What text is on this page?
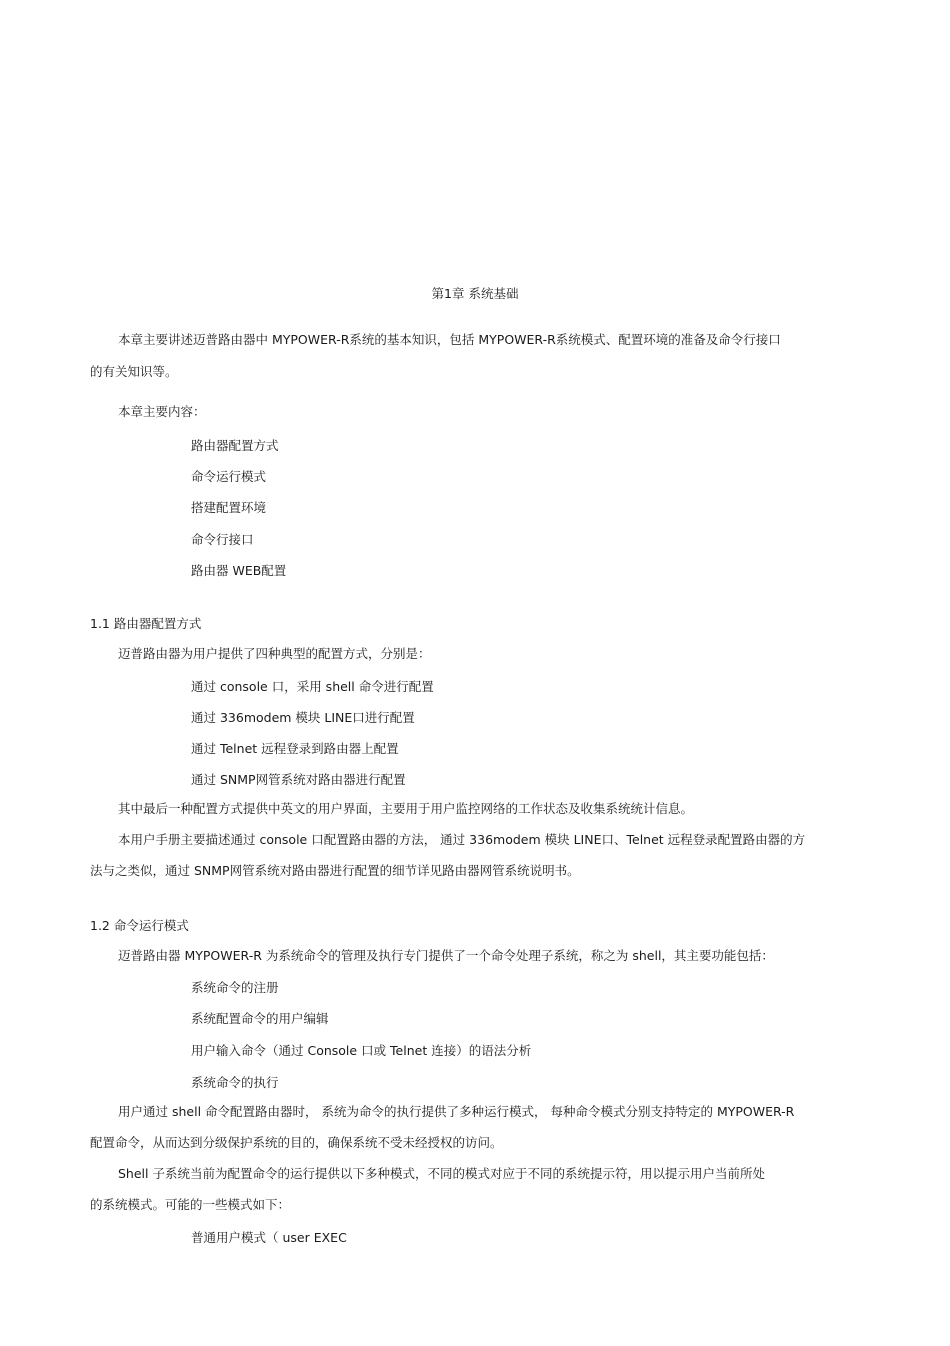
第1章 系统基础
本章主要讲述迈普路由器中 MYPOWER-R系统的基本知识，包括 MYPOWER-R系统模式、配置环境的准备及命令行接口
的有关知识等。
本章主要内容：
路由器配置方式
命令运行模式
搭建配置环境
命令行接口
路由器 WEB配置
1.1 路由器配置方式
迈普路由器为用户提供了四种典型的配置方式，分别是：
通过 console 口，采用 shell 命令进行配置
通过 336modem 模块 LINE口进行配置
通过 Telnet 远程登录到路由器上配置
通过 SNMP网管系统对路由器进行配置
其中最后一种配置方式提供中英文的用户界面，主要用于用户监控网络的工作状态及收集系统统计信息。
本用户手册主要描述通过 console 口配置路由器的方法， 通过 336modem 模块 LINE口、Telnet 远程登录配置路由器的方
法与之类似，通过 SNMP网管系统对路由器进行配置的细节详见路由器网管系统说明书。
1.2 命令运行模式
迈普路由器 MYPOWER-R 为系统命令的管理及执行专门提供了一个命令处理子系统，称之为 shell，其主要功能包括：
系统命令的注册
系统配置命令的用户编辑
用户输入命令（通过 Console 口或 Telnet 连接）的语法分析
系统命令的执行
用户通过 shell 命令配置路由器时， 系统为命令的执行提供了多种运行模式， 每种命令模式分别支持特定的 MYPOWER-R
配置命令，从而达到分级保护系统的目的，确保系统不受未经授权的访问。
Shell 子系统当前为配置命令的运行提供以下多种模式，不同的模式对应于不同的系统提示符，用以提示用户当前所处
的系统模式。可能的一些模式如下：
普通用户模式（ user EXEC
